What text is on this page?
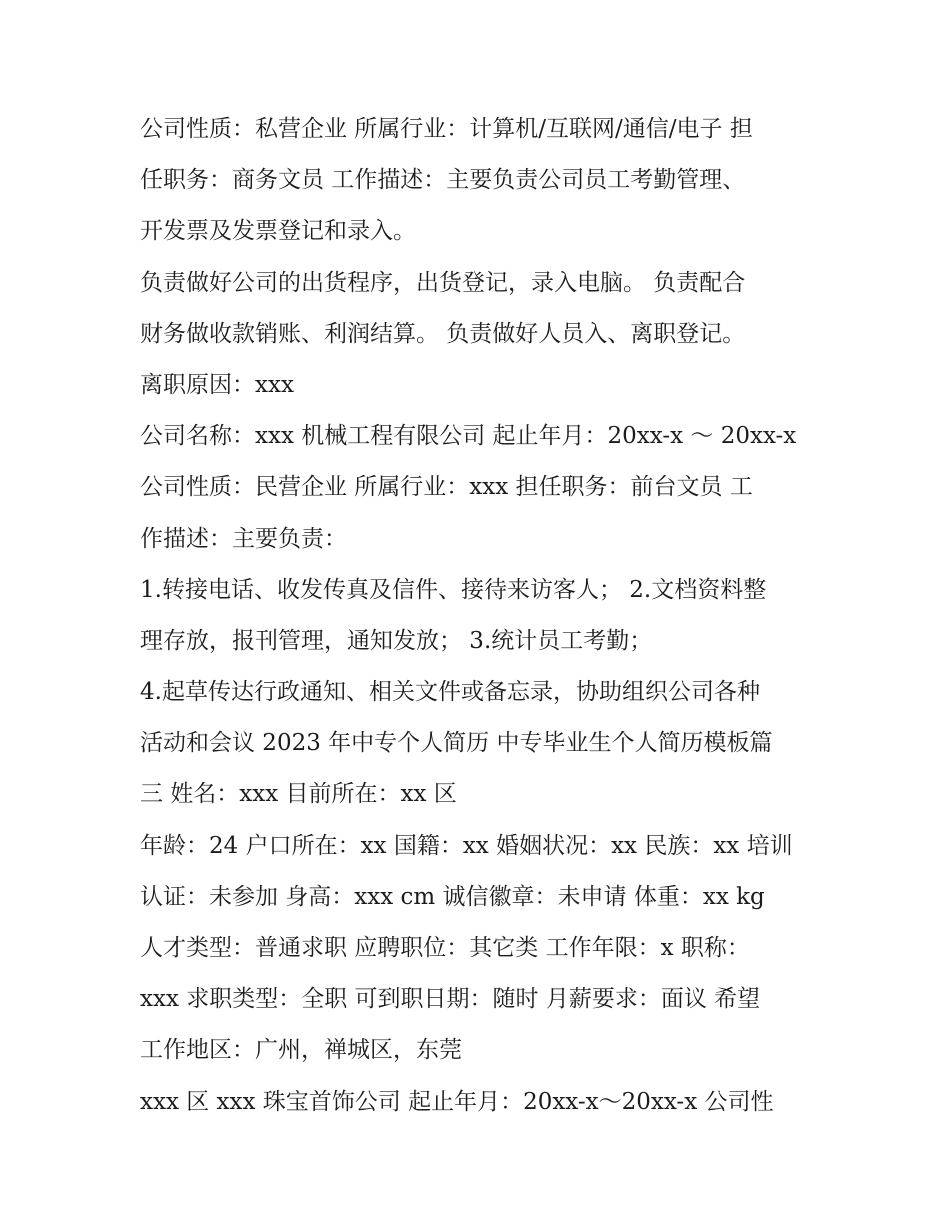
公司性质：私营企业 所属行业：计算机/互联网/通信/电子 担
任职务：商务文员 工作描述：主要负责公司员工考勤管理、
开发票及发票登记和录入。
负责做好公司的出货程序，出货登记，录入电脑。 负责配合
财务做收款销账、利润结算。 负责做好人员入、离职登记。
离职原因：xxx
公司名称：xxx 机械工程有限公司 起止年月：20xx-x ～ 20xx-x
公司性质：民营企业 所属行业：xxx 担任职务：前台文员 工
作描述：主要负责：
1.转接电话、收发传真及信件、接待来访客人； 2.文档资料整
理存放，报刊管理，通知发放； 3.统计员工考勤；
4.起草传达行政通知、相关文件或备忘录，协助组织公司各种
活动和会议 2023 年中专个人简历 中专毕业生个人简历模板篇
三 姓名：xxx 目前所在：xx 区
年龄：24 户口所在：xx 国籍：xx 婚姻状况：xx 民族：xx 培训
认证：未参加 身高：xxx cm 诚信徽章：未申请 体重：xx kg
人才类型：普通求职 应聘职位：其它类 工作年限：x 职称：
xxx 求职类型：全职 可到职日期：随时 月薪要求：面议 希望
工作地区：广州，禅城区，东莞
xxx 区 xxx 珠宝首饰公司 起止年月：20xx-x～20xx-x 公司性
